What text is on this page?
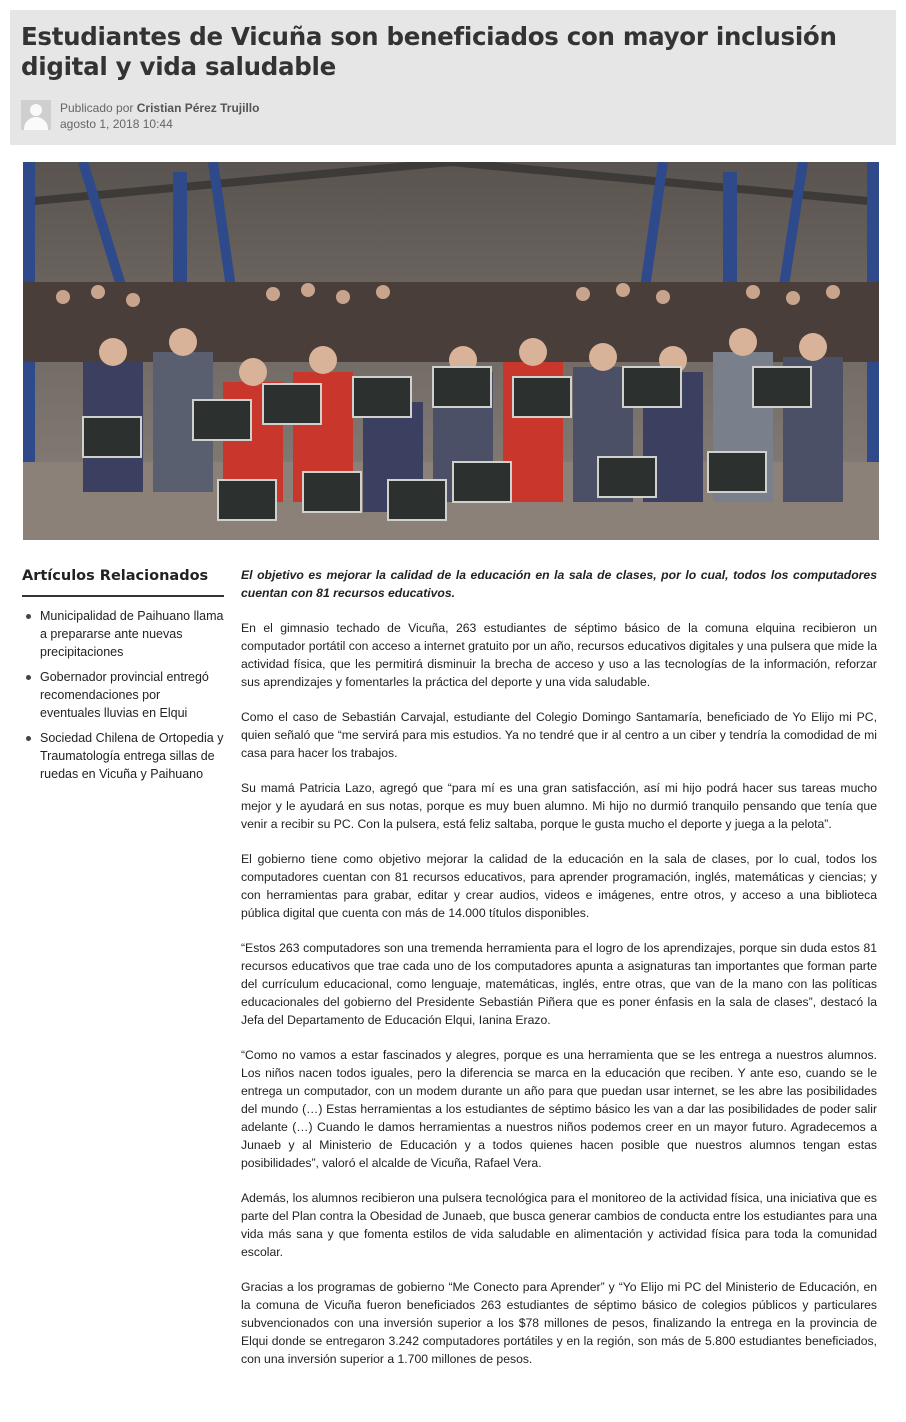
Estudiantes de Vicuña son beneficiados con mayor inclusión digital y vida saludable
Publicado por Cristian Pérez Trujillo
agosto 1, 2018 10:44
Artículos Relacionados
Municipalidad de Paihuano llama a prepararse ante nuevas precipitaciones
Gobernador provincial entregó recomendaciones por eventuales lluvias en Elqui
Sociedad Chilena de Ortopedia y Traumatología entrega sillas de ruedas en Vicuña y Paihuano

El objetivo es mejorar la calidad de la educación en la sala de clases, por lo cual, todos los computadores cuentan con 81 recursos educativos.

En el gimnasio techado de Vicuña, 263 estudiantes de séptimo básico de la comuna elquina recibieron un computador portátil con acceso a internet gratuito por un año, recursos educativos digitales y una pulsera que mide la actividad física, que les permitirá disminuir la brecha de acceso y uso a las tecnologías de la información, reforzar sus aprendizajes y fomentarles la práctica del deporte y una vida saludable.

Como el caso de Sebastián Carvajal, estudiante del Colegio Domingo Santamaría, beneficiado de Yo Elijo mi PC, quien señaló que “me servirá para mis estudios. Ya no tendré que ir al centro a un ciber y tendría la comodidad de mi casa para hacer los trabajos.

Su mamá Patricia Lazo, agregó que “para mí es una gran satisfacción, así mi hijo podrá hacer sus tareas mucho mejor y le ayudará en sus notas, porque es muy buen alumno. Mi hijo no durmió tranquilo pensando que tenía que venir a recibir su PC. Con la pulsera, está feliz saltaba, porque le gusta mucho el deporte y juega a la pelota”.

El gobierno tiene como objetivo mejorar la calidad de la educación en la sala de clases, por lo cual, todos los computadores cuentan con 81 recursos educativos, para aprender programación, inglés, matemáticas y ciencias; y con herramientas para grabar, editar y crear audios, videos e imágenes, entre otros, y acceso a una biblioteca pública digital que cuenta con más de 14.000 títulos disponibles.

“Estos 263 computadores son una tremenda herramienta para el logro de los aprendizajes, porque sin duda estos 81 recursos educativos que trae cada uno de los computadores apunta a asignaturas tan importantes que forman parte del currículum educacional, como lenguaje, matemáticas, inglés, entre otras, que van de la mano con las políticas educacionales del gobierno del Presidente Sebastián Piñera que es poner énfasis en la sala de clases”, destacó la Jefa del Departamento de Educación Elqui, Ianina Erazo.

“Como no vamos a estar fascinados y alegres, porque es una herramienta que se les entrega a nuestros alumnos. Los niños nacen todos iguales, pero la diferencia se marca en la educación que reciben. Y ante eso, cuando se le entrega un computador, con un modem durante un año para que puedan usar internet, se les abre las posibilidades del mundo (…) Estas herramientas a los estudiantes de séptimo básico les van a dar las posibilidades de poder salir adelante (…) Cuando le damos herramientas a nuestros niños podemos creer en un mayor futuro. Agradecemos a Junaeb y al Ministerio de Educación y a todos quienes hacen posible que nuestros alumnos tengan estas posibilidades”, valoró el alcalde de Vicuña, Rafael Vera.

Además, los alumnos recibieron una pulsera tecnológica para el monitoreo de la actividad física, una iniciativa que es parte del Plan contra la Obesidad de Junaeb, que busca generar cambios de conducta entre los estudiantes para una vida más sana y que fomenta estilos de vida saludable en alimentación y actividad física para toda la comunidad escolar.

Gracias a los programas de gobierno “Me Conecto para Aprender” y “Yo Elijo mi PC del Ministerio de Educación, en la comuna de Vicuña fueron beneficiados 263 estudiantes de séptimo básico de colegios públicos y particulares subvencionados con una inversión superior a los $78 millones de pesos, finalizando la entrega en la provincia de Elqui donde se entregaron 3.242 computadores portátiles y en la región, son más de 5.800 estudiantes beneficiados, con una inversión superior a 1.700 millones de pesos.
